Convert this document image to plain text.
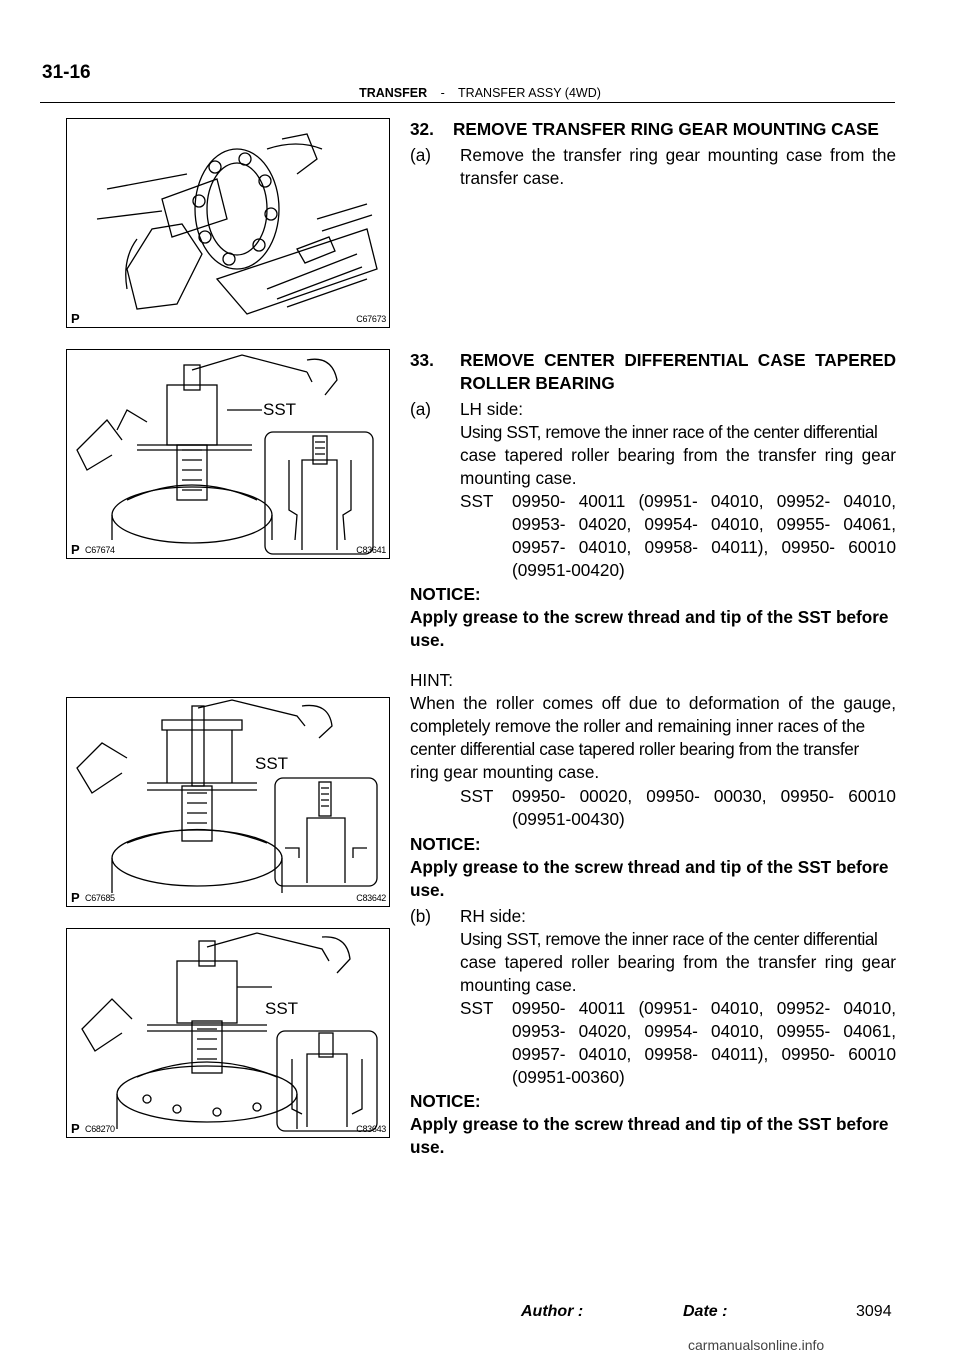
31-16
TRANSFER - TRANSFER ASSY (4WD)
P	C67673
SST
P C67674	C83641
SST
P C67685	C83642
SST
P C68270	C83643
32.    REMOVE TRANSFER RING GEAR MOUNTING CASE
(a) Remove the transfer ring gear mounting case from the
transfer case.
33. REMOVE CENTER DIFFERENTIAL CASE TAPERED
ROLLER BEARING
(a) LH side:
Using SST, remove the inner race of the center differential
case tapered roller bearing from the transfer ring gear
mounting case.
SST 09950- 40011 (09951- 04010, 09952- 04010,
09953- 04020, 09954- 04010, 09955- 04061,
09957- 04010, 09958- 04011), 09950- 60010
(09951-00420)
NOTICE:
Apply grease to the screw thread and tip of the SST before
use.
HINT:
When the roller comes off due to deformation of the gauge,
completely remove the roller and remaining inner races of the
center differential case tapered roller bearing from the transfer
ring gear mounting case.
SST 09950- 00020, 09950- 00030, 09950- 60010
(09951-00430)
NOTICE:
Apply grease to the screw thread and tip of the SST before
use.
(b) RH side:
Using SST, remove the inner race of the center differential
case tapered roller bearing from the transfer ring gear
mounting case.
SST 09950- 40011 (09951- 04010, 09952- 04010,
09953- 04020, 09954- 04010, 09955- 04061,
09957- 04010, 09958- 04011), 09950- 60010
(09951-00360)
NOTICE:
Apply grease to the screw thread and tip of the SST before
use.
Author :	Date :	3094
carmanualsonline.info
